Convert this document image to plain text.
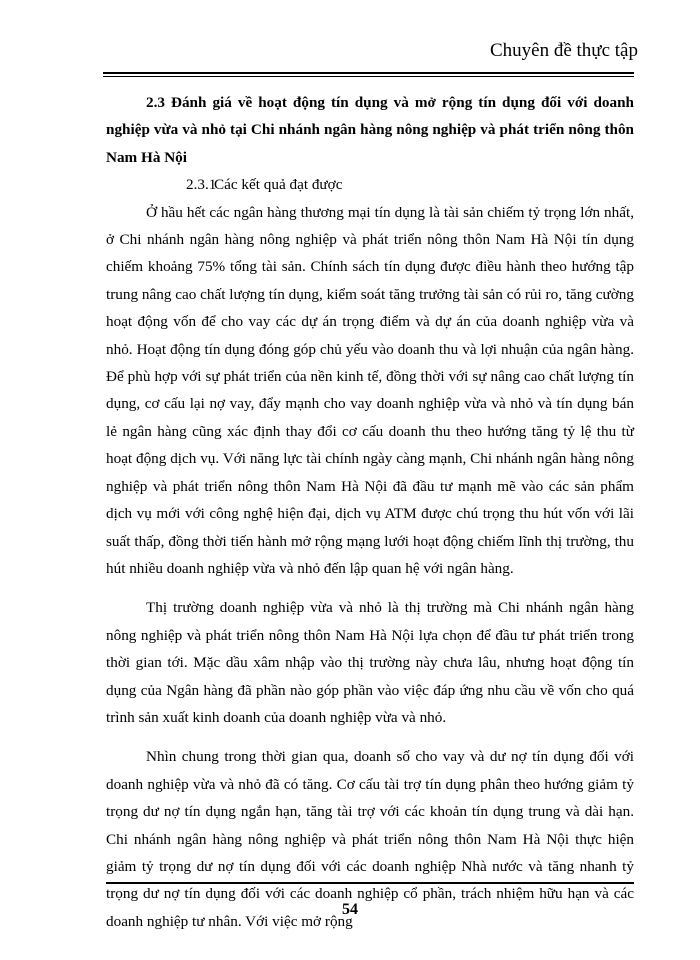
Chuyên đề thực tập

2.3 Đánh giá về hoạt động tín dụng và mở rộng tín dụng đối với doanh nghiệp vừa và nhỏ tại Chi nhánh ngân hàng nông nghiệp và phát triển nông thôn Nam Hà Nội

2.3.1Các kết quả đạt được

Ở hầu hết các ngân hàng thương mại tín dụng là tài sản chiếm tỷ trọng lớn nhất, ở Chi nhánh ngân hàng nông nghiệp và phát triển nông thôn Nam Hà Nội tín dụng chiếm khoảng 75% tổng tài sản. Chính sách tín dụng được điều hành theo hướng tập trung nâng cao chất lượng tín dụng, kiểm soát tăng trưởng tài sản có rủi ro, tăng cường hoạt động vốn để cho vay các dự án trọng điểm và dự án của doanh nghiệp vừa và nhỏ. Hoạt động tín dụng đóng góp chủ yếu vào doanh thu và lợi nhuận của ngân hàng. Để phù hợp với sự phát triển của nền kinh tế, đồng thời với sự nâng cao chất lượng tín dụng, cơ cấu lại nợ vay, đẩy mạnh cho vay doanh nghiệp vừa và nhỏ và tín dụng bán lẻ ngân hàng cũng xác định thay đổi cơ cấu doanh thu theo hướng tăng tỷ lệ thu từ hoạt động dịch vụ. Với năng lực tài chính ngày càng mạnh, Chi nhánh ngân hàng nông nghiệp và phát triển nông thôn Nam Hà Nội đã đầu tư mạnh mẽ vào các sản phẩm dịch vụ mới với công nghệ hiện đại, dịch vụ ATM được chú trọng thu hút vốn với lãi suất thấp, đồng thời tiến hành mở rộng mạng lưới hoạt động chiếm lĩnh thị trường, thu hút nhiều doanh nghiệp vừa và nhỏ đến lập quan hệ với ngân hàng.

Thị trường doanh nghiệp vừa và nhỏ là thị trường mà Chi nhánh ngân hàng nông nghiệp và phát triển nông thôn Nam Hà Nội lựa chọn để đầu tư phát triển trong thời gian tới. Mặc dầu xâm nhập vào thị trường này chưa lâu, nhưng hoạt động tín dụng của Ngân hàng đã phần nào góp phần vào việc đáp ứng nhu cầu về vốn cho quá trình sản xuất kinh doanh của doanh nghiệp vừa và nhỏ.

Nhìn chung trong thời gian qua, doanh số cho vay và dư nợ tín dụng đối với doanh nghiệp vừa và nhỏ đã có tăng. Cơ cấu tài trợ tín dụng phân theo hướng giảm tỷ trọng dư nợ tín dụng ngắn hạn, tăng tài trợ với các khoản tín dụng trung và dài hạn. Chi nhánh ngân hàng nông nghiệp và phát triển nông thôn Nam Hà Nội thực hiện giảm tỷ trọng dư nợ tín dụng đối với các doanh nghiệp Nhà nước và tăng nhanh tỷ trọng dư nợ tín dụng đối với các doanh nghiệp cổ phần, trách nhiệm hữu hạn và các doanh nghiệp tư nhân. Với việc mở rộng

54
